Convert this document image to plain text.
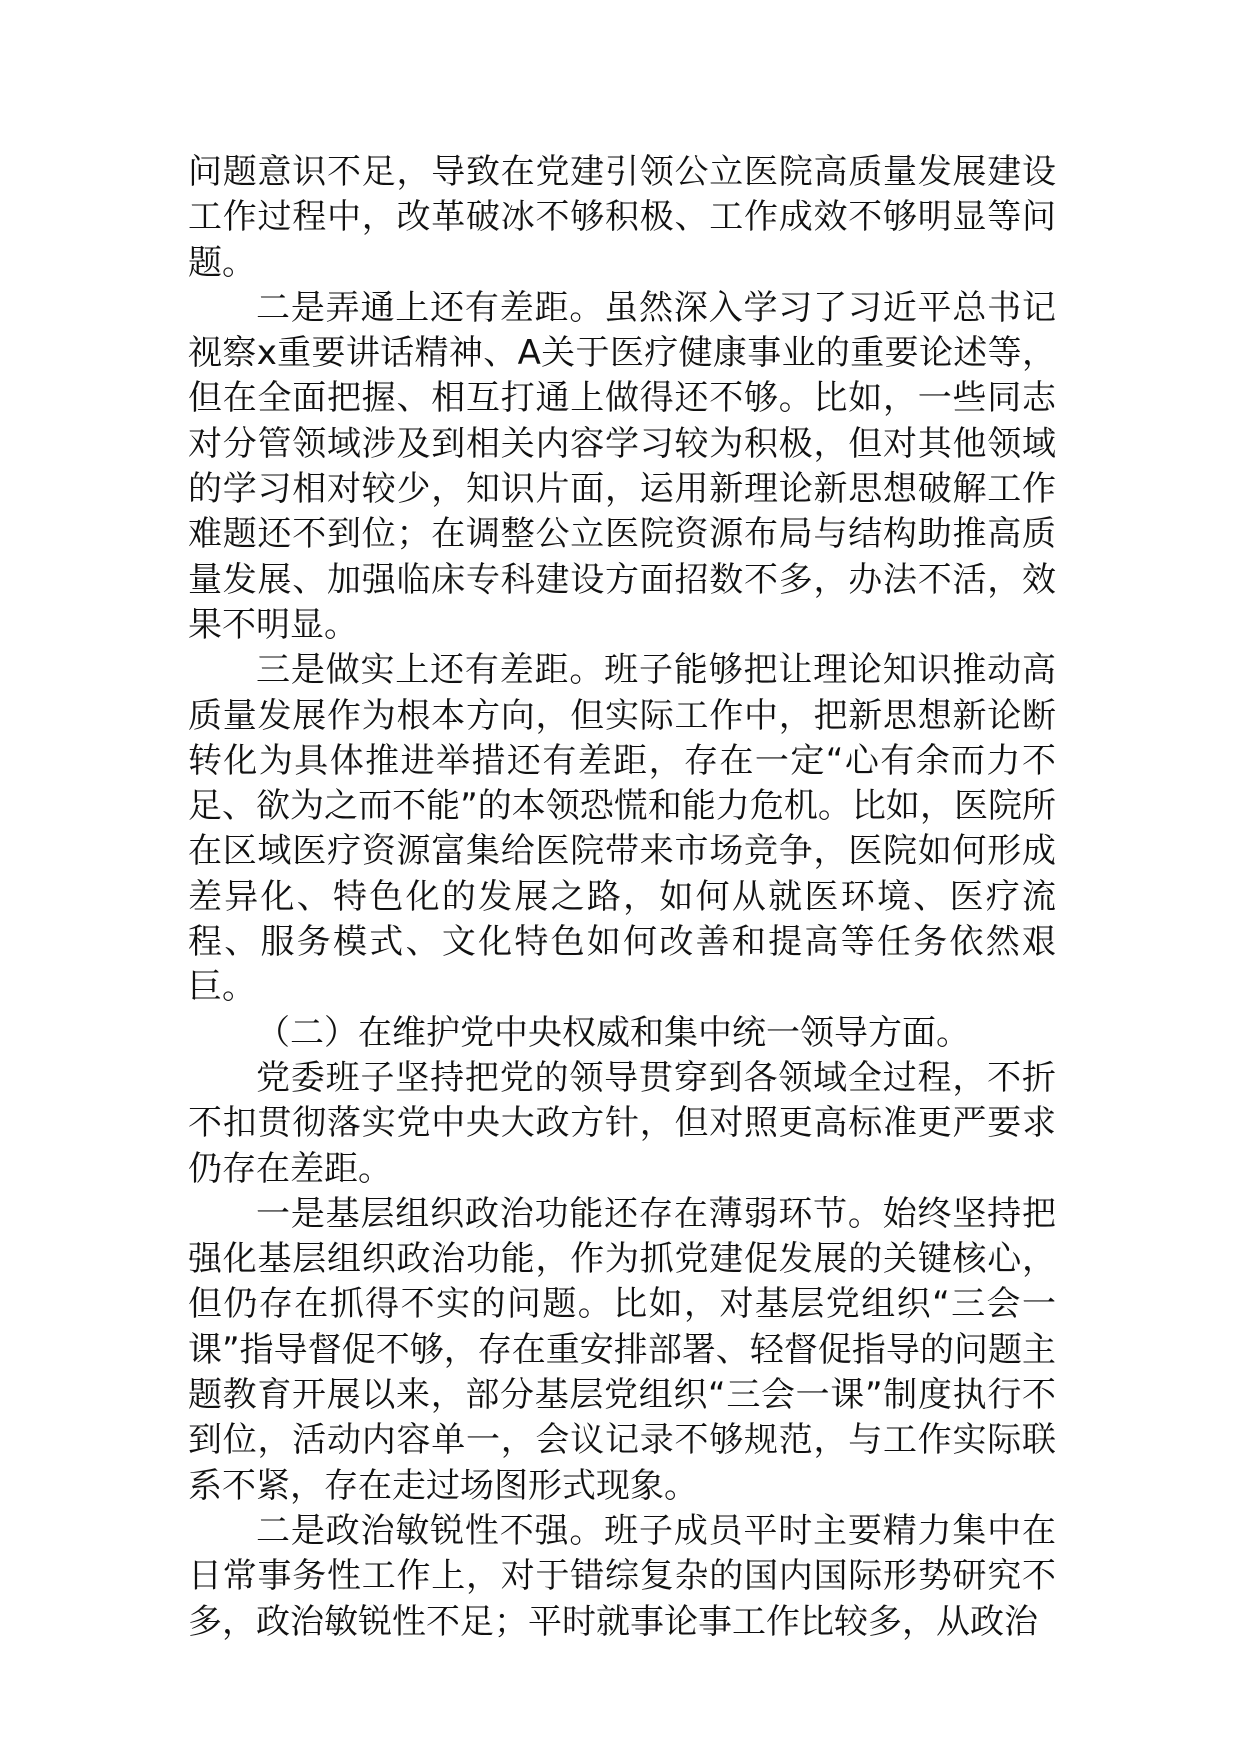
问题意识不足，导致在党建引领公立医院高质量发展建设工作过程中，改革破冰不够积极、工作成效不够明显等问题。

二是弄通上还有差距。虽然深入学习了习近平总书记视察x重要讲话精神、A关于医疗健康事业的重要论述等，但在全面把握、相互打通上做得还不够。比如，一些同志对分管领域涉及到相关内容学习较为积极，但对其他领域的学习相对较少，知识片面，运用新理论新思想破解工作难题还不到位；在调整公立医院资源布局与结构助推高质量发展、加强临床专科建设方面招数不多，办法不活，效果不明显。

三是做实上还有差距。班子能够把让理论知识推动高质量发展作为根本方向，但实际工作中，把新思想新论断转化为具体推进举措还有差距，存在一定“心有余而力不足、欲为之而不能”的本领恐慌和能力危机。比如，医院所在区域医疗资源富集给医院带来市场竞争，医院如何形成差异化、特色化的发展之路，如何从就医环境、医疗流程、服务模式、文化特色如何改善和提高等任务依然艰巨。

（二）在维护党中央权威和集中统一领导方面。

党委班子坚持把党的领导贯穿到各领域全过程，不折不扣贯彻落实党中央大政方针，但对照更高标准更严要求仍存在差距。

一是基层组织政治功能还存在薄弱环节。始终坚持把强化基层组织政治功能，作为抓党建促发展的关键核心，但仍存在抓得不实的问题。比如，对基层党组织“三会一课”指导督促不够，存在重安排部署、轻督促指导的问题主题教育开展以来，部分基层党组织“三会一课”制度执行不到位，活动内容单一，会议记录不够规范，与工作实际联系不紧，存在走过场图形式现象。

二是政治敏锐性不强。班子成员平时主要精力集中在日常事务性工作上，对于错综复杂的国内国际形势研究不多，政治敏锐性不足；平时就事论事工作比较多，从政治
